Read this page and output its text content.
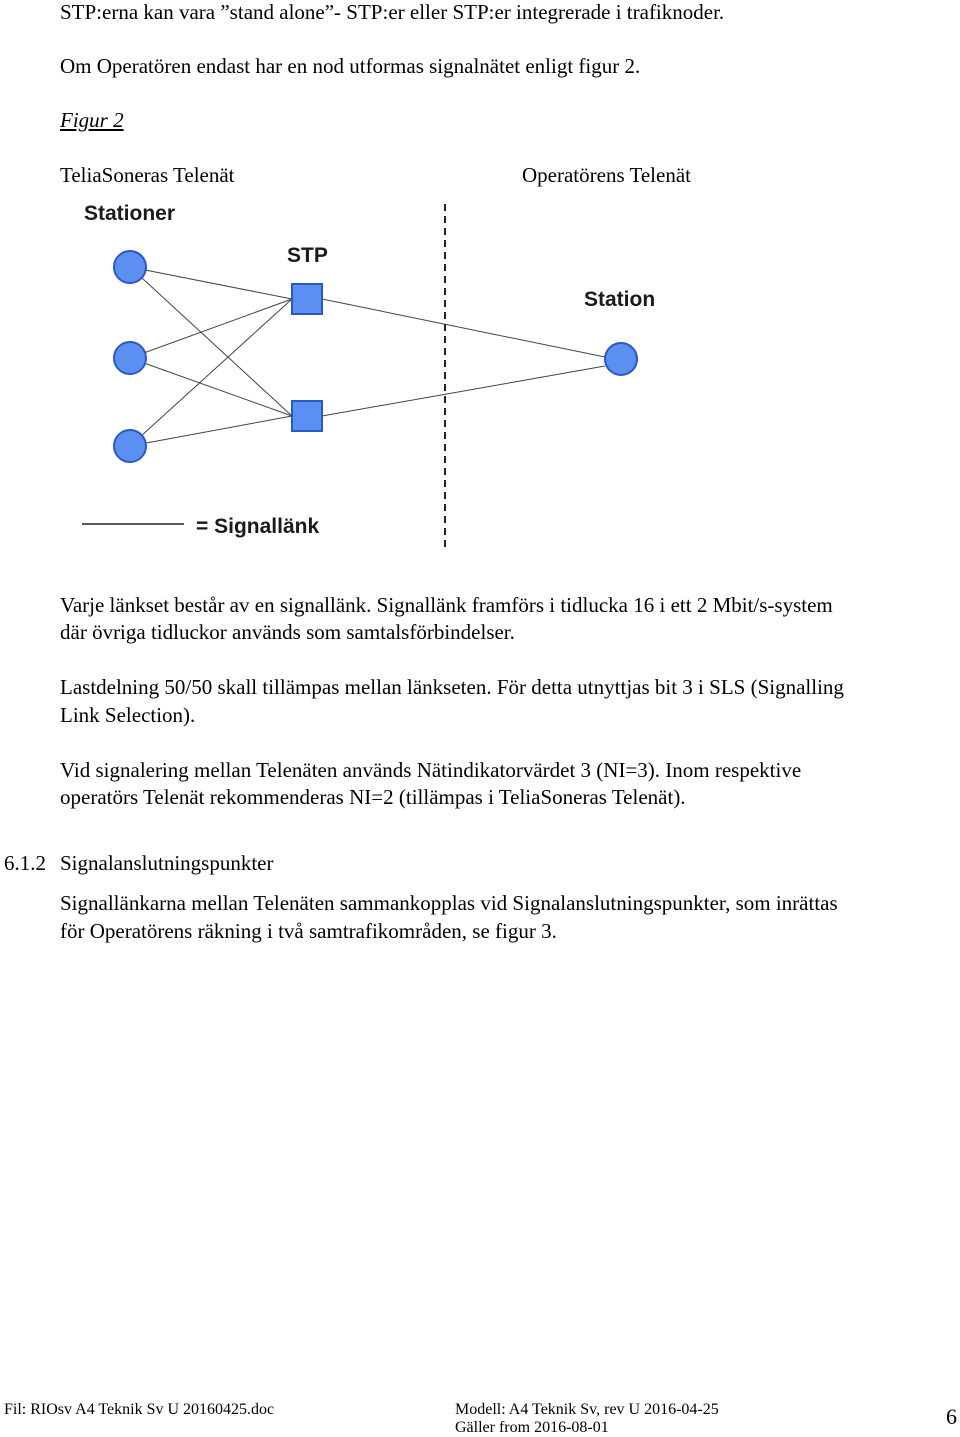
STP:erna kan vara ”stand alone”- STP:er eller STP:er integrerade i trafiknoder.
Om Operatören endast har en nod utformas signalnätet enligt figur 2.
Figur 2
TeliaSoneras Telenät	Operatörens Telenät
Stationer
STP
Station
= Signallänk
Varje länkset består av en signallänk. Signallänk framförs i tidlucka 16 i ett 2 Mbit/s-system
där övriga tidluckor används som samtalsförbindelser.
Lastdelning 50/50 skall tillämpas mellan länkseten. För detta utnyttjas bit 3 i SLS (Signalling
Link Selection).
Vid signalering mellan Telenäten används Nätindikatorvärdet 3 (NI=3). Inom respektive
operatörs Telenät rekommenderas NI=2 (tillämpas i TeliaSoneras Telenät).
6.1.2 Signalanslutningspunkter
Signallänkarna mellan Telenäten sammankopplas vid Signalanslutningspunkter, som inrättas
för Operatörens räkning i två samtrafikområden, se figur 3.
Fil: RIOsv A4 Teknik Sv U 20160425.doc	Modell: A4 Teknik Sv, rev U 2016-04-25
Gäller from 2016-08-01	6
